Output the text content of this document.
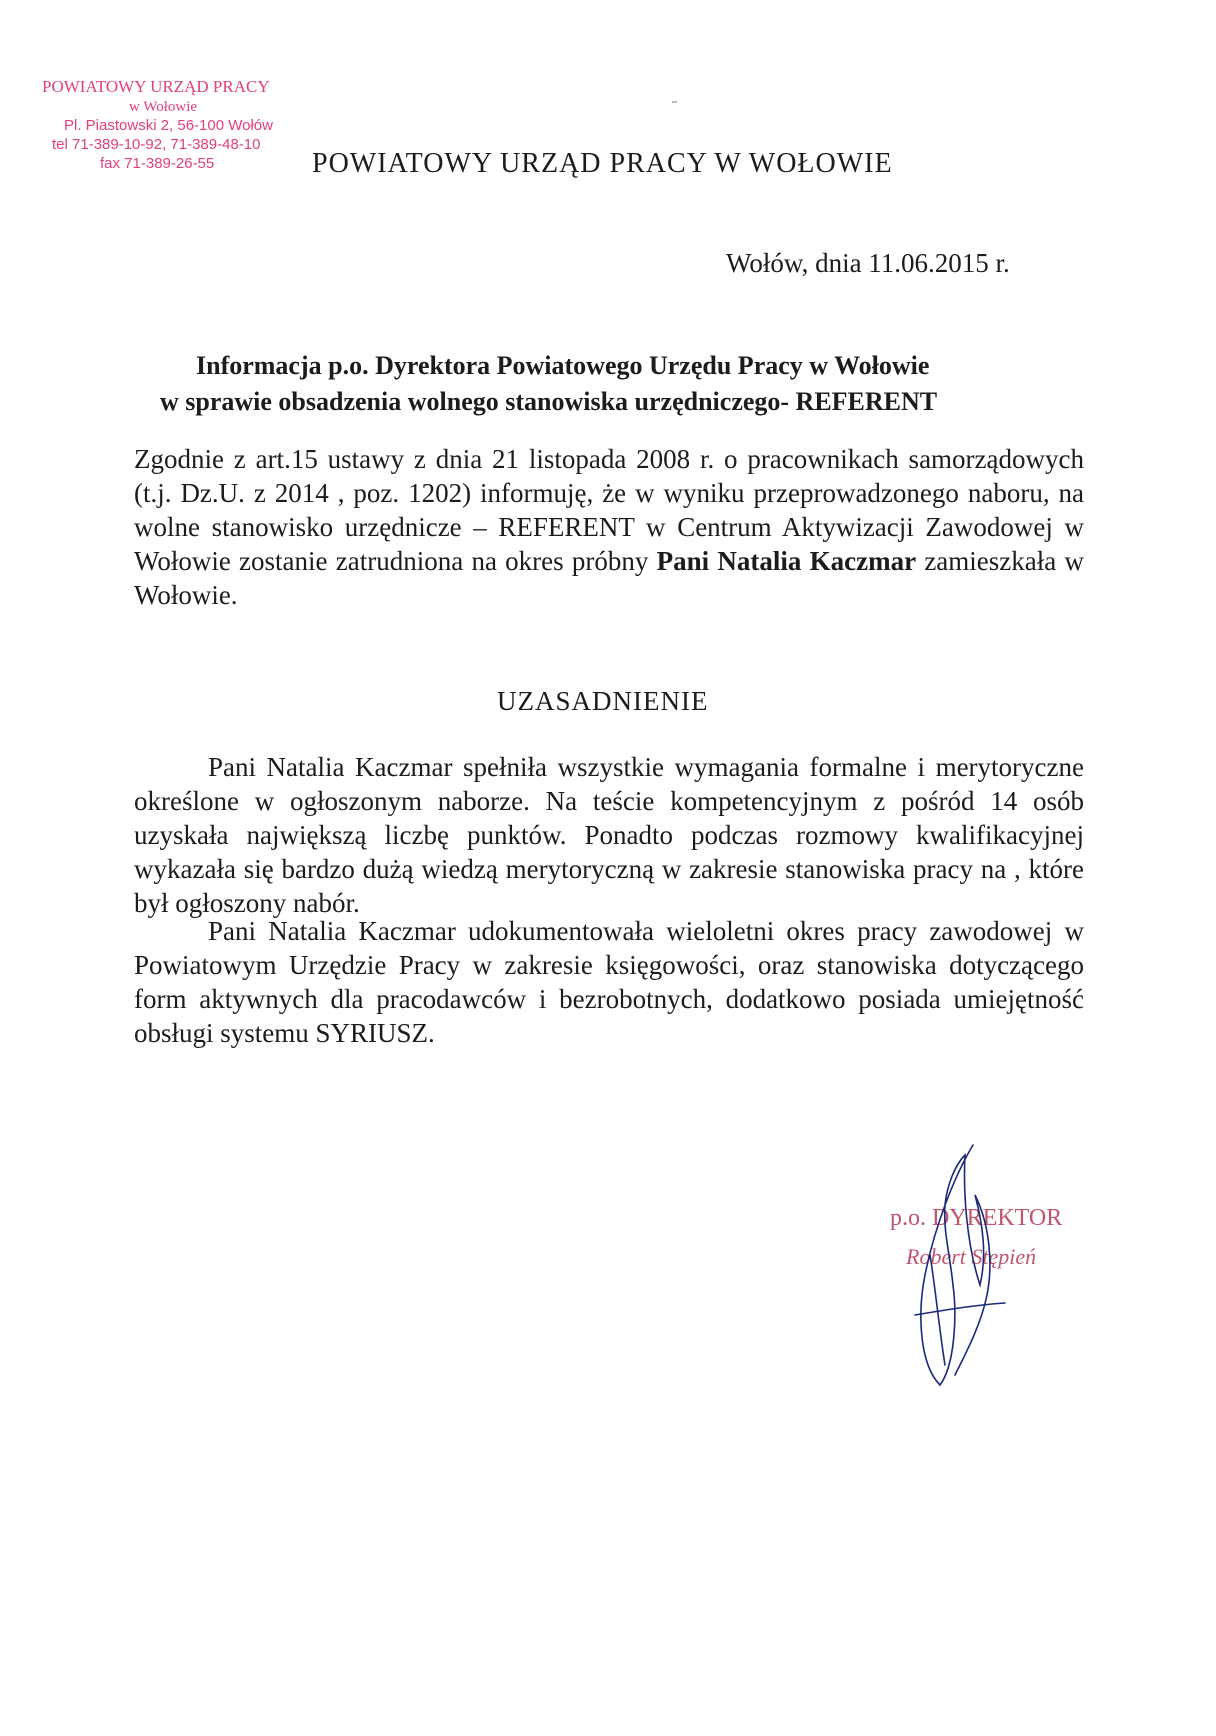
POWIATOWY URZĄD PRACY
w Wołowie
Pl. Piastowski 2, 56-100 Wołów
tel 71-389-10-92, 71-389-48-10
fax 71-389-26-55	POWIATOWY URZĄD PRACY W WOŁOWIE
Wołów, dnia 11.06.2015 r.
Informacja p.o. Dyrektora Powiatowego Urzędu Pracy w Wołowie
w sprawie obsadzenia wolnego stanowiska urzędniczego- REFERENT
Zgodnie z art.15 ustawy z dnia 21 listopada 2008 r. o pracownikach samorządowych (t.j. Dz.U. z 2014 , poz. 1202) informuję, że w wyniku przeprowadzonego naboru, na wolne stanowisko urzędnicze – REFERENT w Centrum Aktywizacji Zawodowej w Wołowie zostanie zatrudniona na okres próbny Pani Natalia Kaczmar zamieszkała w Wołowie.
UZASADNIENIE
Pani Natalia Kaczmar spełniła wszystkie wymagania formalne i merytoryczne określone w ogłoszonym naborze. Na teście kompetencyjnym z pośród 14 osób uzyskała największą liczbę punktów. Ponadto podczas rozmowy kwalifikacyjnej wykazała się bardzo dużą wiedzą merytoryczną w zakresie stanowiska pracy na , które był ogłoszony nabór.
Pani Natalia Kaczmar udokumentowała wieloletni okres pracy zawodowej w Powiatowym Urzędzie Pracy w zakresie księgowości, oraz stanowiska dotyczącego form aktywnych dla pracodawców i bezrobotnych, dodatkowo posiada umiejętność obsługi systemu SYRIUSZ.
p.o. DYREKTOR
Robert Stępień
